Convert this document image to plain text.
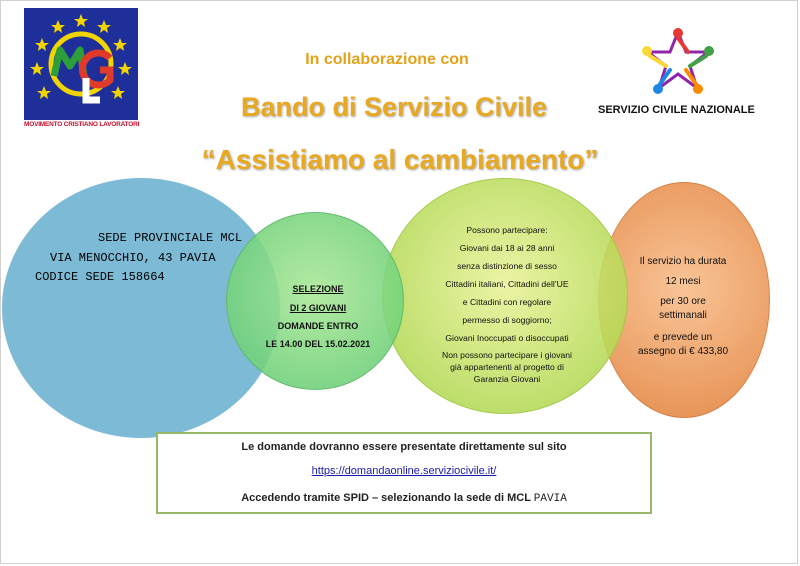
MOVIMENTO CRISTIANO LAVORATORI
SERVIZIO CIVILE NAZIONALE
In collaborazione con
Bando di Servizio Civile
“Assistiamo al cambiamento”
SEDE PROVINCIALE MCL
VIA MENOCCHIO, 43 PAVIA
CODICE SEDE 158664
SELEZIONE
DI 2 GIOVANI
DOMANDE ENTRO
LE 14.00 DEL 15.02.2021
Possono partecipare:
Giovani dai 18 ai 28 anni
senza distinzione di sesso
Cittadini italiani, Cittadini dell’UE
e Cittadini con regolare
permesso di soggiorno;
Giovani Inoccupati o disoccupati
Non possono partecipare i giovani
già appartenenti al progetto di
Garanzia Giovani
Il servizio ha durata
12 mesi
per 30 ore
settimanali
e prevede un
assegno di € 433,80
Le domande dovranno essere presentate direttamente sul sito
https://domandaonline.serviziocivile.it/
Accedendo tramite SPID – selezionando la sede di MCL PAVIA
